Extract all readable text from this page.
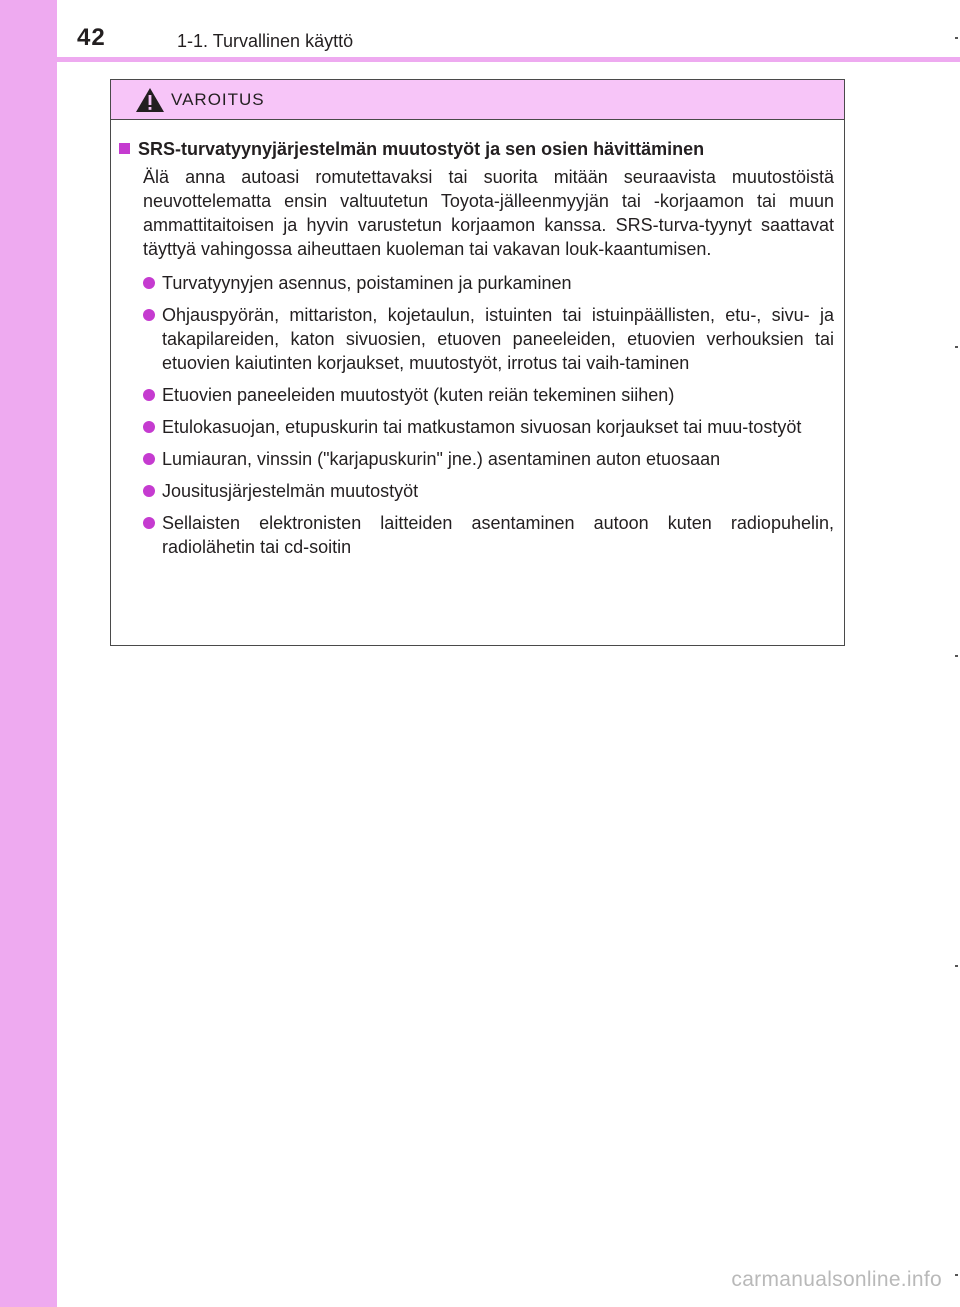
42	1-1. Turvallinen käyttö
VAROITUS
SRS-turvatyynyjärjestelmän muutostyöt ja sen osien hävittäminen
Älä anna autoasi romutettavaksi tai suorita mitään seuraavista muutostöistä neuvottelematta ensin valtuutetun Toyota-jälleenmyyjän tai -korjaamon tai muun ammattitaitoisen ja hyvin varustetun korjaamon kanssa. SRS-turva-tyynyt saattavat täyttyä vahingossa aiheuttaen kuoleman tai vakavan louk-kaantumisen.
Turvatyynyjen asennus, poistaminen ja purkaminen
Ohjauspyörän, mittariston, kojetaulun, istuinten tai istuinpäällisten, etu-, sivu- ja takapilareiden, katon sivuosien, etuoven paneeleiden, etuovien verhouksien tai etuovien kaiutinten korjaukset, muutostyöt, irrotus tai vaih-taminen
Etuovien paneeleiden muutostyöt (kuten reiän tekeminen siihen)
Etulokasuojan, etupuskurin tai matkustamon sivuosan korjaukset tai muu-tostyöt
Lumiauran, vinssin ("karjapuskurin" jne.) asentaminen auton etuosaan
Jousitusjärjestelmän muutostyöt
Sellaisten elektronisten laitteiden asentaminen autoon kuten radiopuhelin, radiolähetin tai cd-soitin
carmanualsonline.info
